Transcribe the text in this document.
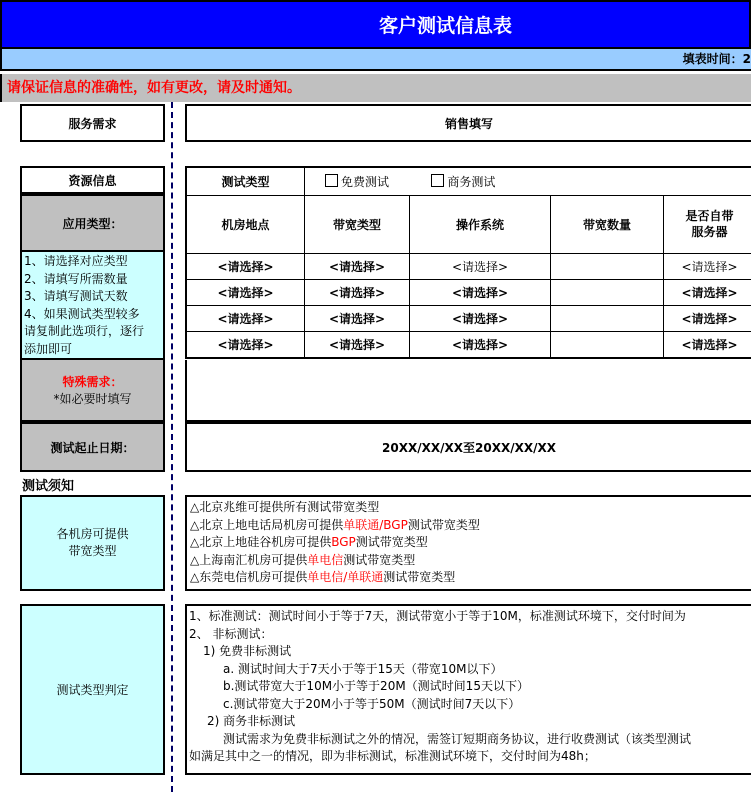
客户测试信息表
填表时间：2
请保证信息的准确性，如有更改，请及时通知。
服务需求	销售填写
资源信息
应用类型：
1、请选择对应类型
2、请填写所需数量
3、请填写测试天数
4、如果测试类型较多
请复制此选项行，逐行
添加即可
测试类型	免费测试 商务测试			
机房地点	带宽类型	操作系统	带宽数量	是否自带
服务器
<请选择>	<请选择>	<请选择>		<请选择>
<请选择>	<请选择>	<请选择>		<请选择>
<请选择>	<请选择>	<请选择>		<请选择>
<请选择>	<请选择>	<请选择>		<请选择>
特殊需求：
*如必要时填写
测试起止日期：	20XX/XX/XX至20XX/XX/XX
测试须知
各机房可提供
带宽类型
△北京兆维可提供所有测试带宽类型
△北京上地电话局机房可提供单联通/BGP测试带宽类型
△北京上地硅谷机房可提供BGP测试带宽类型
△上海南汇机房可提供单电信测试带宽类型
△东莞电信机房可提供单电信/单联通测试带宽类型
测试类型判定
1、标准测试：测试时间小于等于7天，测试带宽小于等于10M，标准测试环境下，交付时间为
2、 非标测试：
1) 免费非标测试
a. 测试时间大于7天小于等于15天（带宽10M以下）
b.测试带宽大于10M小于等于20M（测试时间15天以下）
c.测试带宽大于20M小于等于50M（测试时间7天以下）
2) 商务非标测试
测试需求为免费非标测试之外的情况，需签订短期商务协议，进行收费测试（该类型测试
如满足其中之一的情况，即为非标测试，标准测试环境下，交付时间为48h；
